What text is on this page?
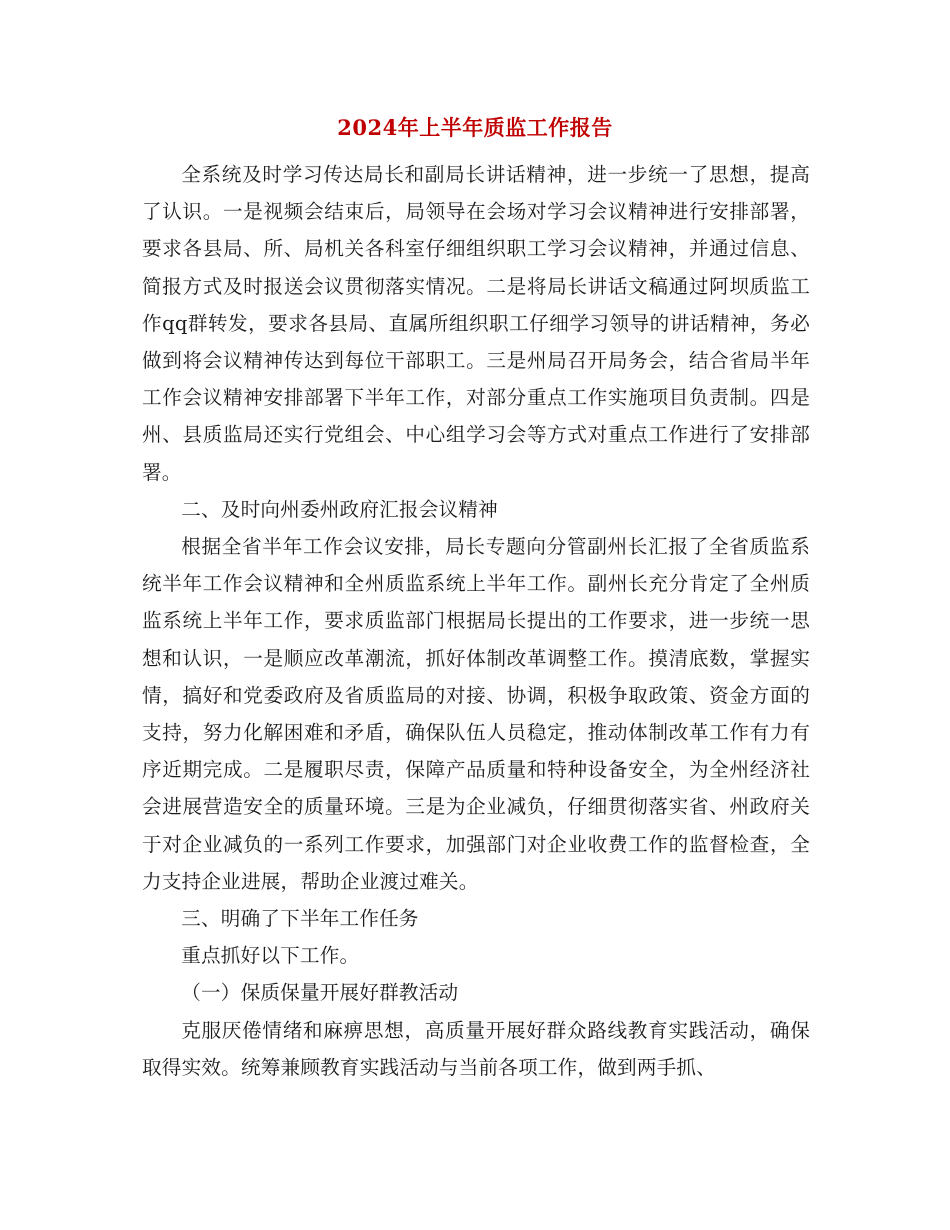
2024年上半年质监工作报告

全系统及时学习传达局长和副局长讲话精神，进一步统一了思想，提高了认识。一是视频会结束后，局领导在会场对学习会议精神进行安排部署，要求各县局、所、局机关各科室仔细组织职工学习会议精神，并通过信息、简报方式及时报送会议贯彻落实情况。二是将局长讲话文稿通过阿坝质监工作qq群转发，要求各县局、直属所组织职工仔细学习领导的讲话精神，务必做到将会议精神传达到每位干部职工。三是州局召开局务会，结合省局半年工作会议精神安排部署下半年工作，对部分重点工作实施项目负责制。四是州、县质监局还实行党组会、中心组学习会等方式对重点工作进行了安排部署。

二、及时向州委州政府汇报会议精神

根据全省半年工作会议安排，局长专题向分管副州长汇报了全省质监系统半年工作会议精神和全州质监系统上半年工作。副州长充分肯定了全州质监系统上半年工作，要求质监部门根据局长提出的工作要求，进一步统一思想和认识，一是顺应改革潮流，抓好体制改革调整工作。摸清底数，掌握实情，搞好和党委政府及省质监局的对接、协调，积极争取政策、资金方面的支持，努力化解困难和矛盾，确保队伍人员稳定，推动体制改革工作有力有序近期完成。二是履职尽责，保障产品质量和特种设备安全，为全州经济社会进展营造安全的质量环境。三是为企业减负，仔细贯彻落实省、州政府关于对企业减负的一系列工作要求，加强部门对企业收费工作的监督检查，全力支持企业进展，帮助企业渡过难关。

三、明确了下半年工作任务

重点抓好以下工作。

（一）保质保量开展好群教活动

克服厌倦情绪和麻痹思想，高质量开展好群众路线教育实践活动，确保取得实效。统筹兼顾教育实践活动与当前各项工作，做到两手抓、
